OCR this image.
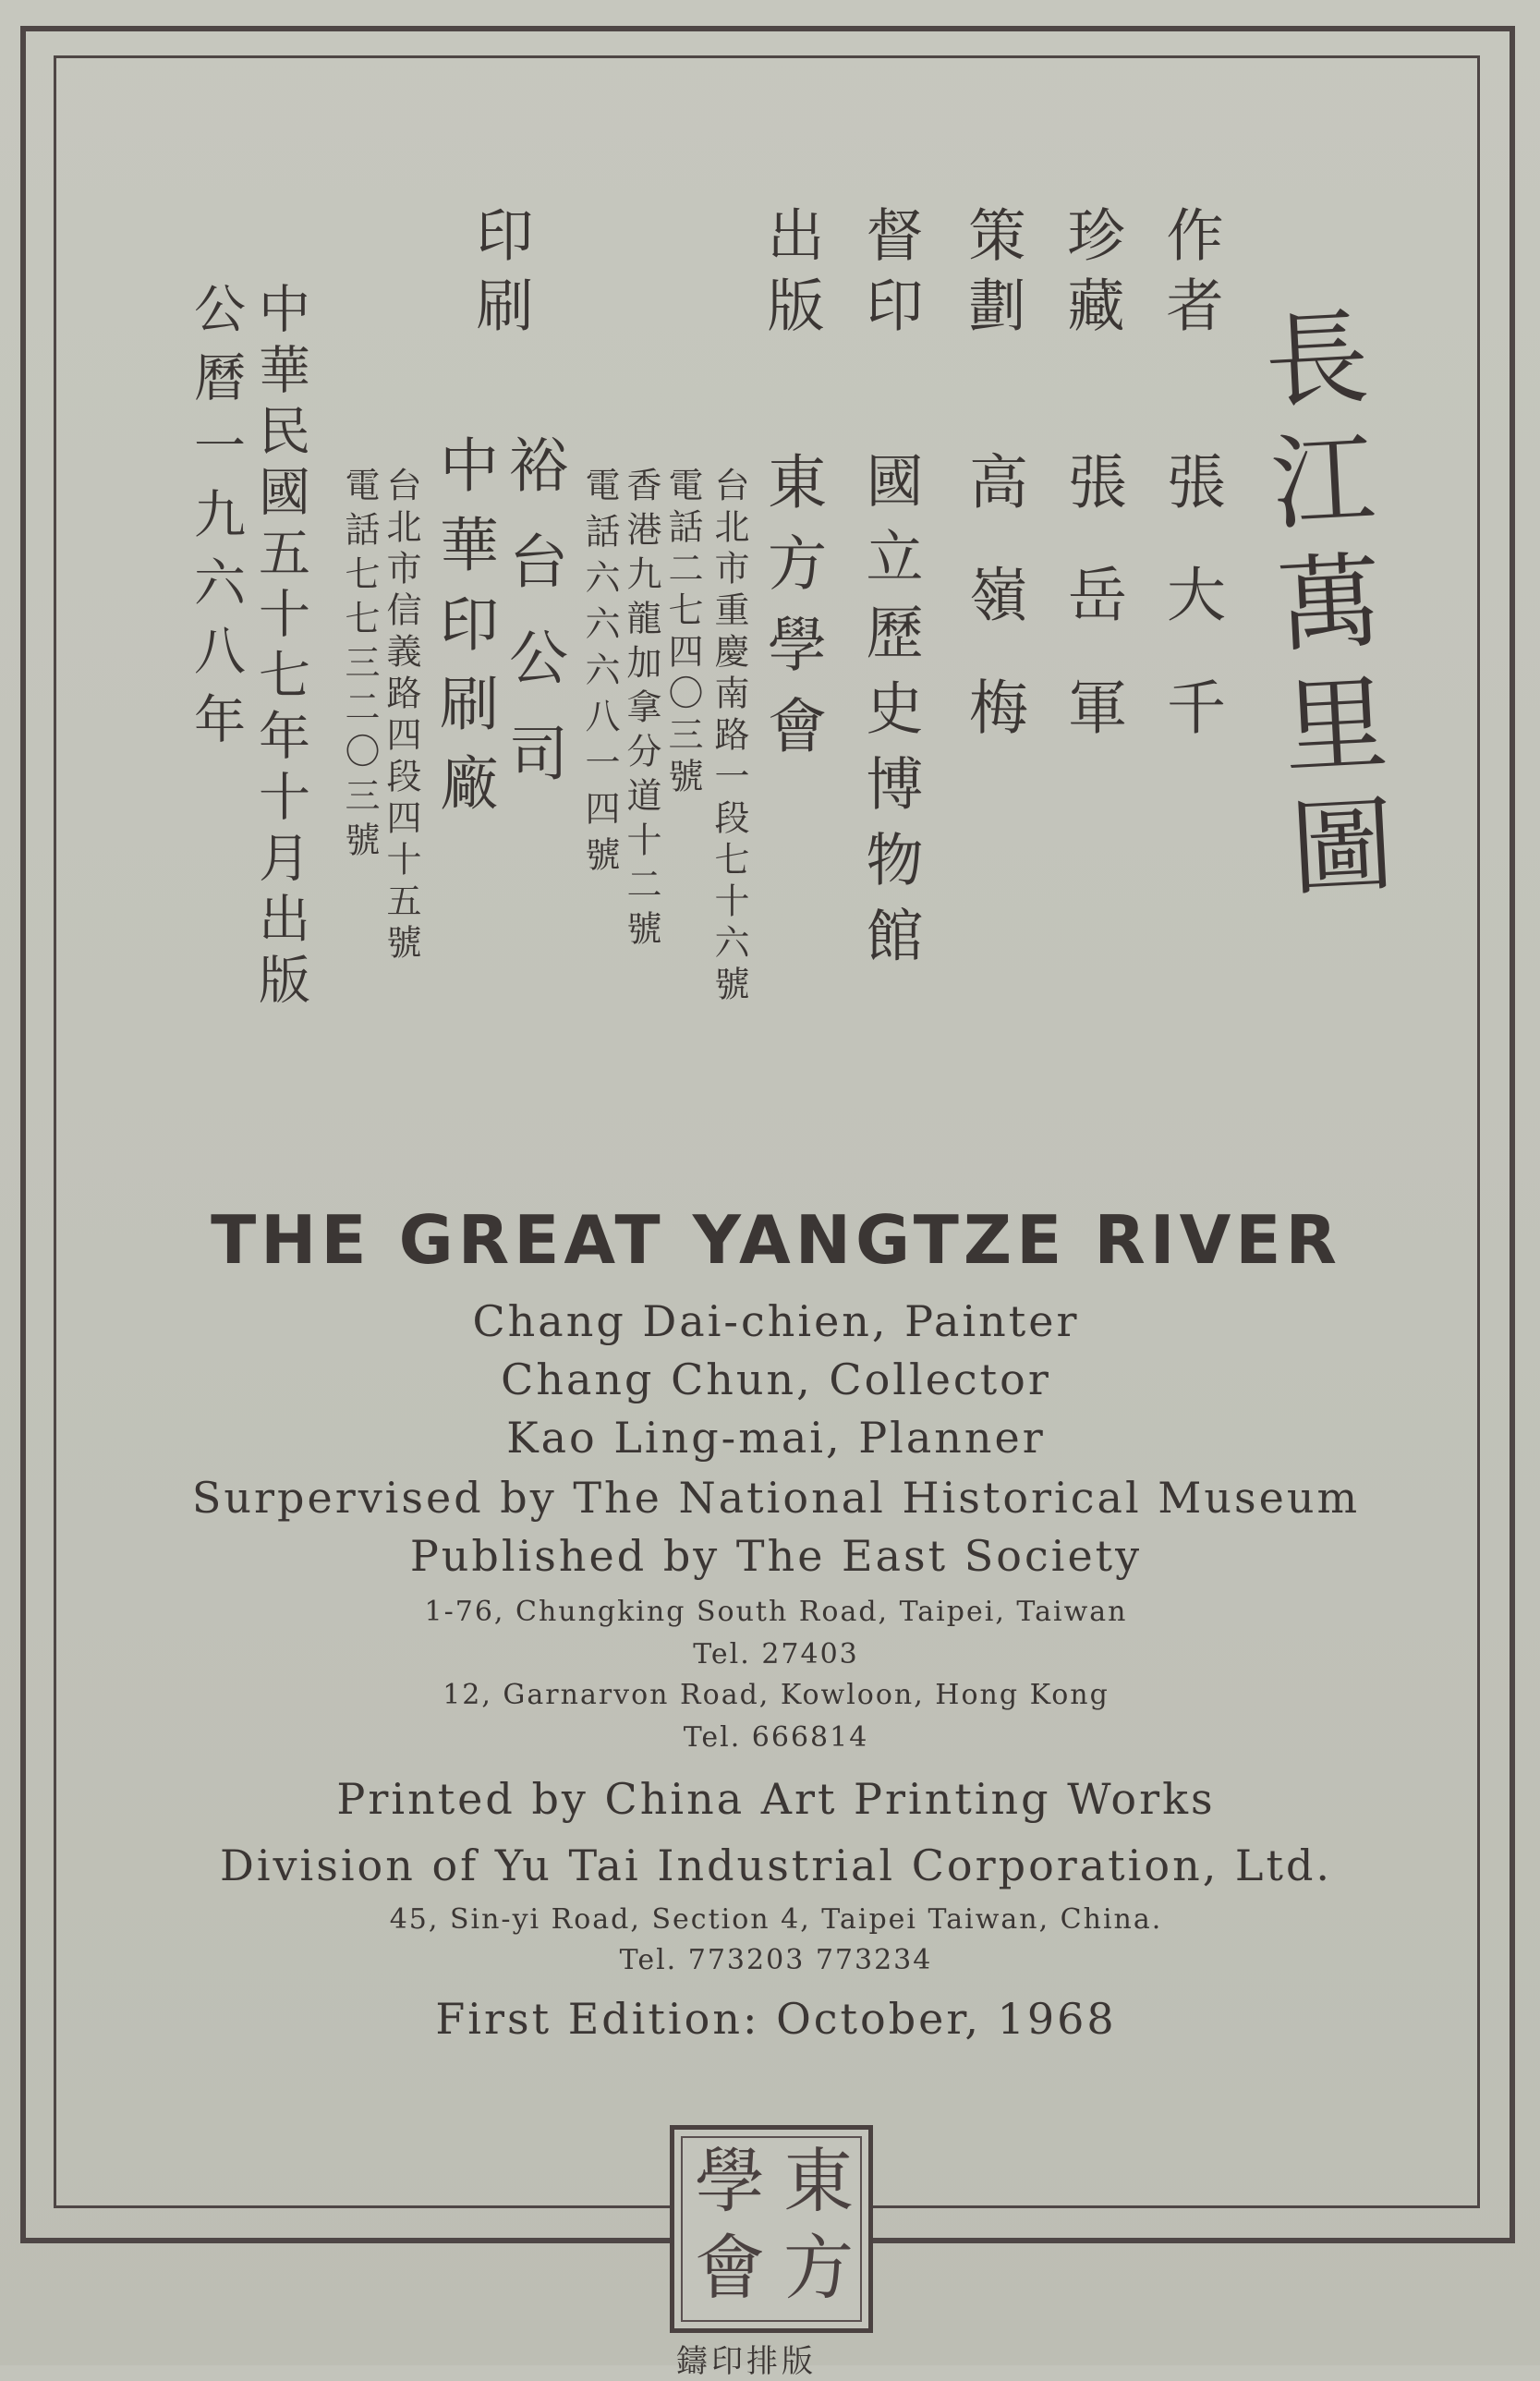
長江萬里圖
作者
張大千
珍藏
張岳軍
策劃
高嶺梅
督印
國立歷史博物館
出版
東方學會
台北市重慶南路一段七十六號
電話二七四〇三號
香港九龍加拿分道十二號
電話六六六八一四號
印刷
裕台公司
中華印刷廠
台北市信義路四段四十五號
電話七七三二〇三號
中華民國五十七年十月出版
公曆一九六八年
THE GREAT YANGTZE RIVER
Chang Dai-chien, Painter
Chang Chun, Collector
Kao Ling-mai, Planner
Surpervised by The National Historical Museum
Published by The East Society
1-76, Chungking South Road, Taipei, Taiwan
Tel. 27403
12, Garnarvon Road, Kowloon, Hong Kong
Tel. 666814
Printed by China Art Printing Works
Division of Yu Tai Industrial Corporation, Ltd.
45, Sin-yi Road, Section 4, Taipei Taiwan, China.
Tel. 773203 773234
First Edition: October, 1968
東
方
學
會
鑄印排版
